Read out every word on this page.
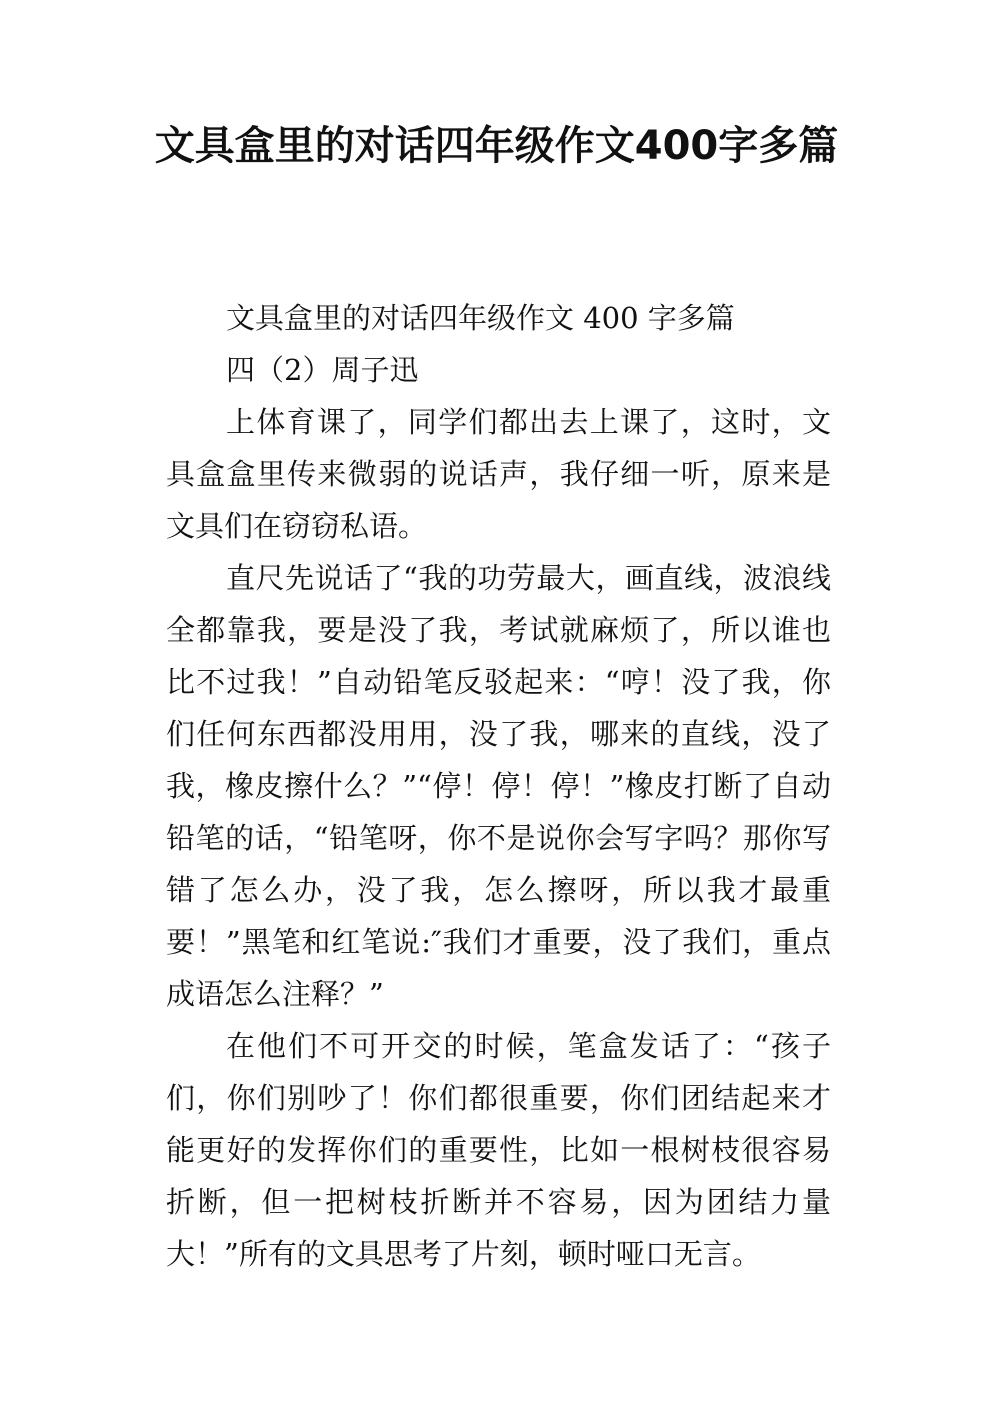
文具盒里的对话四年级作文400字多篇

文具盒里的对话四年级作文 400 字多篇

四（2）周子迅

上体育课了，同学们都出去上课了，这时，文具盒盒里传来微弱的说话声，我仔细一听，原来是文具们在窃窃私语。

直尺先说话了“我的功劳最大，画直线，波浪线全都靠我，要是没了我，考试就麻烦了，所以谁也比不过我！”自动铅笔反驳起来：“哼！没了我，你们任何东西都没用用，没了我，哪来的直线，没了我，橡皮擦什么？”“停！停！停！”橡皮打断了自动铅笔的话，“铅笔呀，你不是说你会写字吗？那你写错了怎么办，没了我，怎么擦呀，所以我才最重要！”黑笔和红笔说:″我们才重要，没了我们，重点成语怎么注释？”

在他们不可开交的时候，笔盒发话了：“孩子们，你们别吵了！你们都很重要，你们团结起来才能更好的发挥你们的重要性，比如一根树枝很容易折断，但一把树枝折断并不容易，因为团结力量大！”所有的文具思考了片刻，顿时哑口无言。
